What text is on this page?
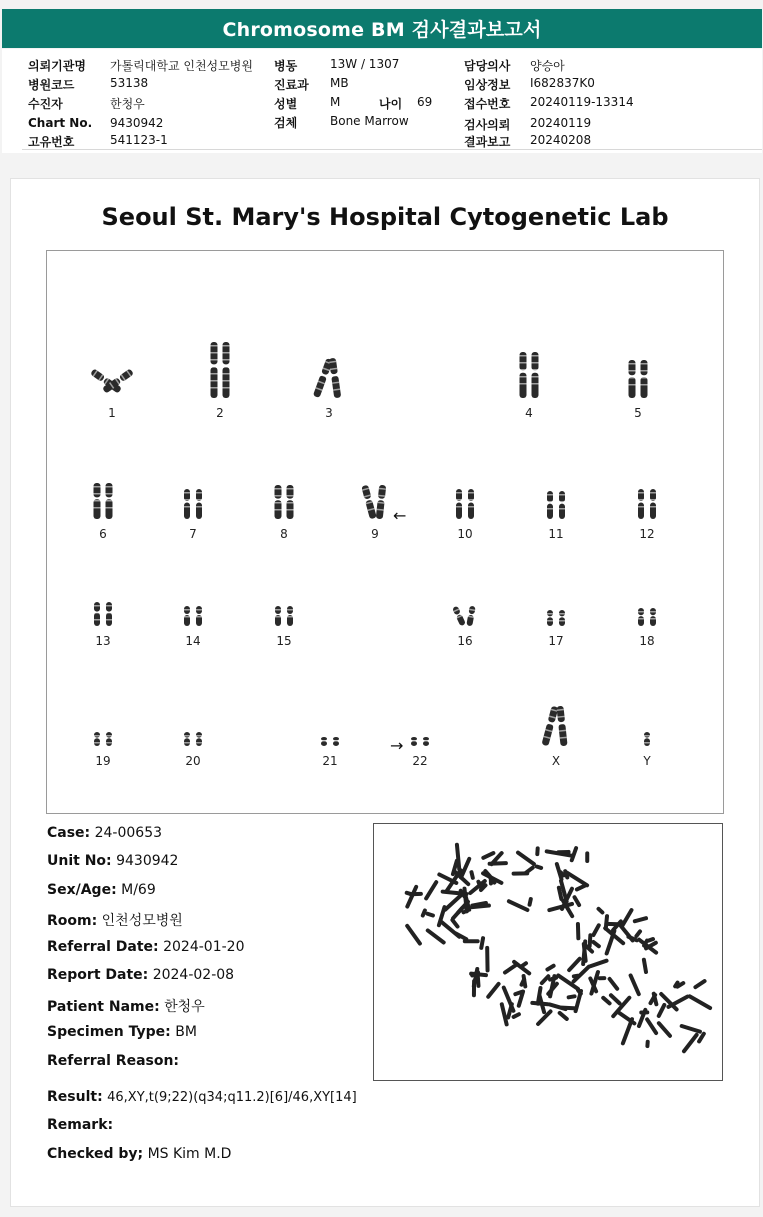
Chromosome BM 검사결과보고서
의뢰기관명 가톨릭대학교 인천성모병원
병원코드	53138
수진자	한청우
Chart No. 9430942
고유번호	541123-1
병동	13W / 1307
진료과 MB
성별	M	나이 69
검체	Bone Marrow
담당의사 양승아
임상정보 I682837K0
접수번호 20240119-13314
검사의뢰 20240119
결과보고 20240208
Seoul St. Mary's Hospital Cytogenetic Lab
1	2	3	4	5
6	7	8	9	10	11	12
13	14	15	16	17	18
19	20	21	22	X	Y
←
→
Case: 24-00653
Unit No: 9430942
Sex/Age: M/69
Room: 인천성모병원
Referral Date: 2024-01-20
Report Date: 2024-02-08
Patient Name: 한청우
Specimen Type: BM
Referral Reason:
Result: 46,XY,t(9;22)(q34;q11.2)[6]/46,XY[14]
Remark:
Checked by; MS Kim M.D
